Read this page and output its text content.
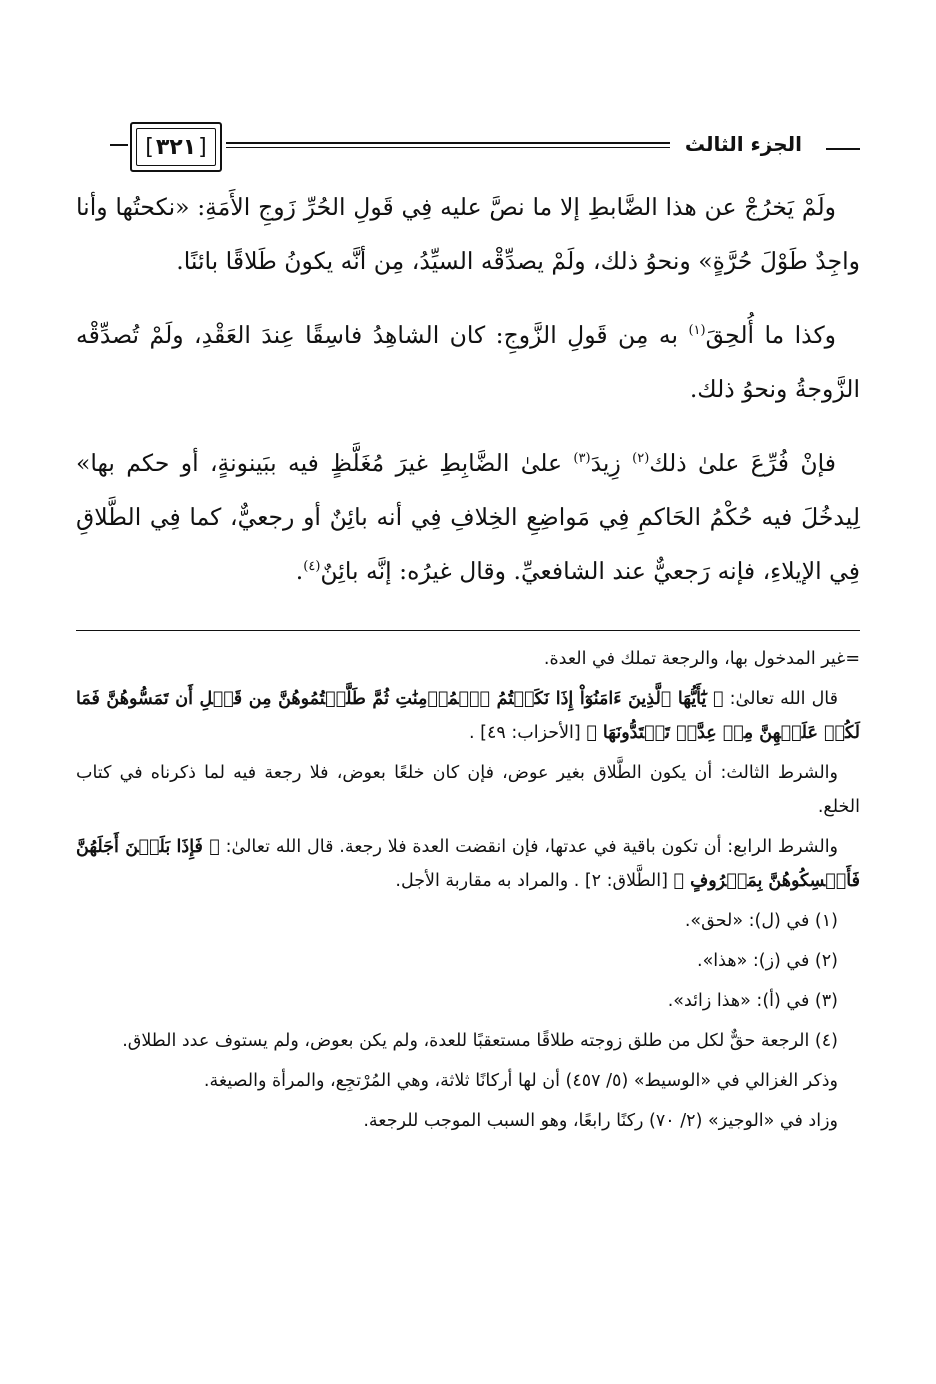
الجزء الثالث
[ ٣٢١ ]

ولَمْ يَخرُجْ عن هذا الضَّابطِ إلا ما نصَّ عليه فِي قَولِ الحُرِّ زَوجِ الأَمَةِ: «نكحتُها وأنا واجِدٌ طَوْلَ حُرَّةٍ» ونحوُ ذلك، ولَمْ يصدِّقْه السيِّدُ، مِن أنَّه يكونُ طَلاقًا بائنًا.

وكذا ما أُلحِقَ$^{(١)}$ به مِن قَولِ الزَّوجِ: كان الشاهِدُ فاسِقًا عِندَ العَقْدِ، ولَمْ تُصدِّقْه الزَّوجةُ ونحوُ ذلك.

فإنْ فُرِّعَ علىٰ ذلك$^{(٢)}$ زِيدَ$^{(٣)}$ علىٰ الضَّابِطِ غيرَ مُغَلَّظٍ فيه ببَينونةٍ، أو حكم بها» لِيدخُلَ فيه حُكْمُ الحَاكمِ فِي مَواضِعِ الخِلافِ فِي أنه بائِنٌ أو رجعيٌّ، كما فِي الطَّلاقِ فِي الإيلاءِ، فإنه رَجعيٌّ عند الشافعيِّ. وقال غيرُه: إنَّه بائِنٌ$^{(٤)}$.

=غير المدخول بها، والرجعة تملك في العدة.

قال الله تعالىٰ: ﴿ يَٰٓأَيُّهَا ٱلَّذِينَ ءَامَنُوٓاْ إِذَا نَكَحۡتُمُ ٱلۡمُؤۡمِنَٰتِ ثُمَّ طَلَّقۡتُمُوهُنَّ مِن قَبۡلِ أَن تَمَسُّوهُنَّ فَمَا لَكُمۡ عَلَيۡهِنَّ مِنۡ عِدَّةٖ تَعۡتَدُّونَهَا ﴾ [الأحزاب: ٤٩] .

والشرط الثالث: أن يكون الطَّلاق بغير عوض، فإن كان خلعًا بعوض، فلا رجعة فيه لما ذكرناه في كتاب الخلع.

والشرط الرابع: أن تكون باقية في عدتها، فإن انقضت العدة فلا رجعة. قال الله تعالىٰ: ﴿ فَإِذَا بَلَغۡنَ أَجَلَهُنَّ فَأَمۡسِكُوهُنَّ بِمَعۡرُوفٍ ﴾ [الطَّلاق: ٢] . والمراد به مقاربة الأجل.

(١) في (ل): «لحق».

(٢) في (ز): «هذا».

(٣) في (أ): «هذا زائد».

(٤) الرجعة حقٌّ لكل من طلق زوجته طلاقًا مستعقبًا للعدة، ولم يكن بعوض، ولم يستوف عدد الطلاق.

وذكر الغزالي في «الوسيط» (٥/ ٤٥٧) أن لها أركانًا ثلاثة، وهي المُرْتجِع، والمرأة والصيغة.

وزاد في «الوجيز» (٢/ ٧٠) ركنًا رابعًا، وهو السبب الموجب للرجعة.
